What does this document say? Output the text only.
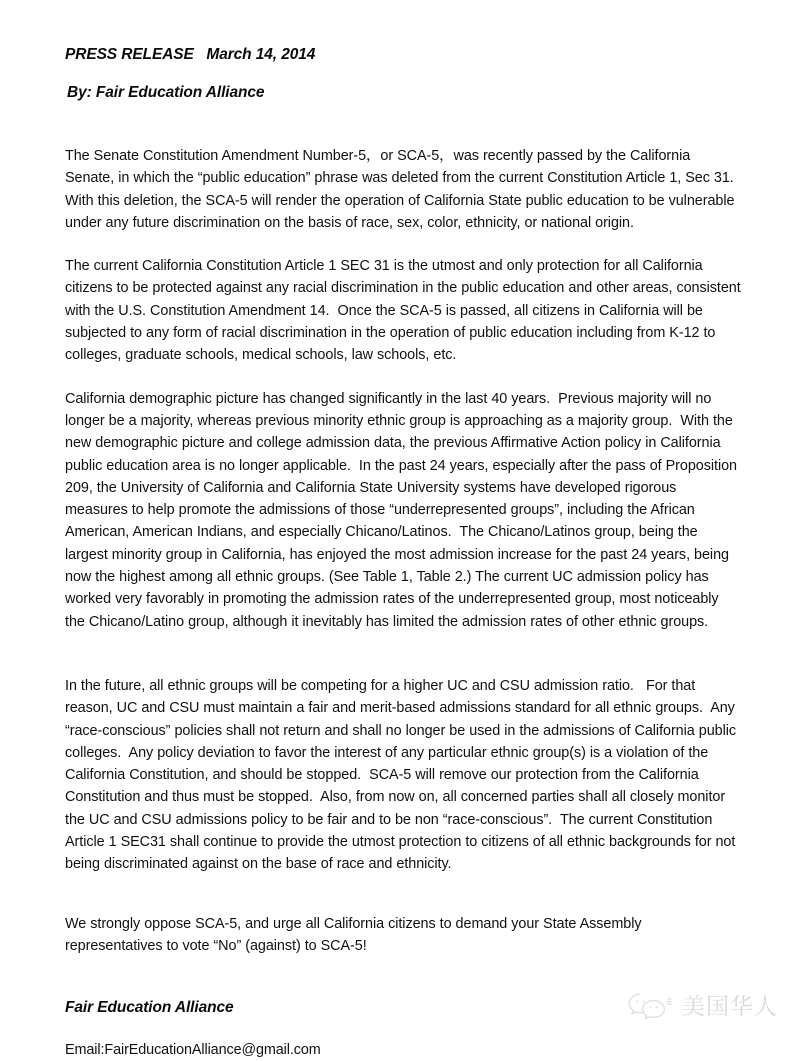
PRESS RELEASE   March 14, 2014
By: Fair Education Alliance

The Senate Constitution Amendment Number-5，or SCA-5，was recently passed by the California Senate, in which the “public education” phrase was deleted from the current Constitution Article 1, Sec 31.  With this deletion, the SCA-5 will render the operation of California State public education to be vulnerable under any future discrimination on the basis of race, sex, color, ethnicity, or national origin.

The current California Constitution Article 1 SEC 31 is the utmost and only protection for all California citizens to be protected against any racial discrimination in the public education and other areas, consistent with the U.S. Constitution Amendment 14.  Once the SCA-5 is passed, all citizens in California will be subjected to any form of racial discrimination in the operation of public education including from K-12 to colleges, graduate schools, medical schools, law schools, etc.

California demographic picture has changed significantly in the last 40 years.  Previous majority will no longer be a majority, whereas previous minority ethnic group is approaching as a majority group.  With the new demographic picture and college admission data, the previous Affirmative Action policy in California public education area is no longer applicable.  In the past 24 years, especially after the pass of Proposition 209, the University of California and California State University systems have developed rigorous measures to help promote the admissions of those “underrepresented groups”, including the African American, American Indians, and especially Chicano/Latinos.  The Chicano/Latinos group, being the largest minority group in California, has enjoyed the most admission increase for the past 24 years, being now the highest among all ethnic groups. (See Table 1, Table 2.) The current UC admission policy has worked very favorably in promoting the admission rates of the underrepresented group, most noticeably the Chicano/Latino group, although it inevitably has limited the admission rates of other ethnic groups.

In the future, all ethnic groups will be competing for a higher UC and CSU admission ratio.   For that reason, UC and CSU must maintain a fair and merit-based admissions standard for all ethnic groups.  Any “race-conscious” policies shall not return and shall no longer be used in the admissions of California public colleges.  Any policy deviation to favor the interest of any particular ethnic group(s) is a violation of the California Constitution, and should be stopped.  SCA-5 will remove our protection from the California Constitution and thus must be stopped.  Also, from now on, all concerned parties shall all closely monitor the UC and CSU admissions policy to be fair and to be non “race-conscious”.  The current Constitution Article 1 SEC31 shall continue to provide the utmost protection to citizens of all ethnic backgrounds for not being discriminated against on the base of race and ethnicity.

We strongly oppose SCA-5, and urge all California citizens to demand your State Assembly representatives to vote “No” (against) to SCA-5!

Fair Education Alliance
Email:FairEducationAlliance@gmail.com
美国华人
